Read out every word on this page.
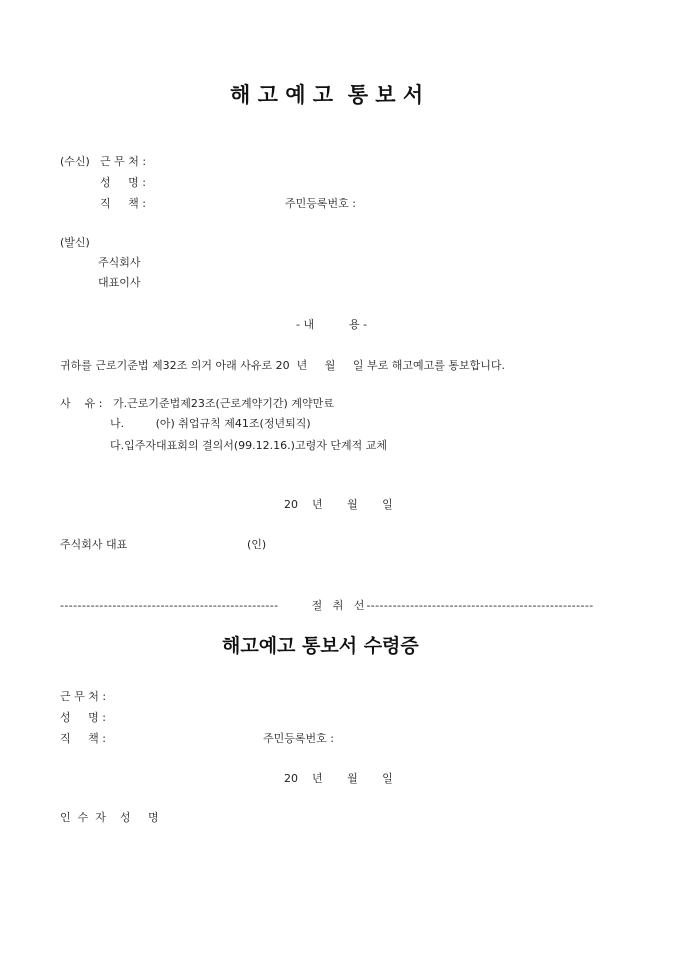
해 고 예 고  통 보 서
(수신) 근 무 처 :
성     명 :
직     책 :	주민등록번호 :
(발신)
주식회사
대표이사
- 내          용 -
귀하를 근로기준법 제32조 의거 아래 사유로 20  년     월     일 부로 해고예고를 통보합니다.
사    유 : 가.근로기준법제23조(근로계약기간) 계약만료
나.         (아) 취업규칙 제41조(정년퇴직)
다.입주자대표회의 결의서(99.12.16.)고령자 단계적 교체
20    년       월       일
주식회사 대표	(인)
--------------------------------------------------	절   취   선 ----------------------------------------------------
해고예고 통보서 수령증
근 무 처 :
성     명 :
직     책 :	주민등록번호 :
20    년       월       일
인  수  자    성     명
